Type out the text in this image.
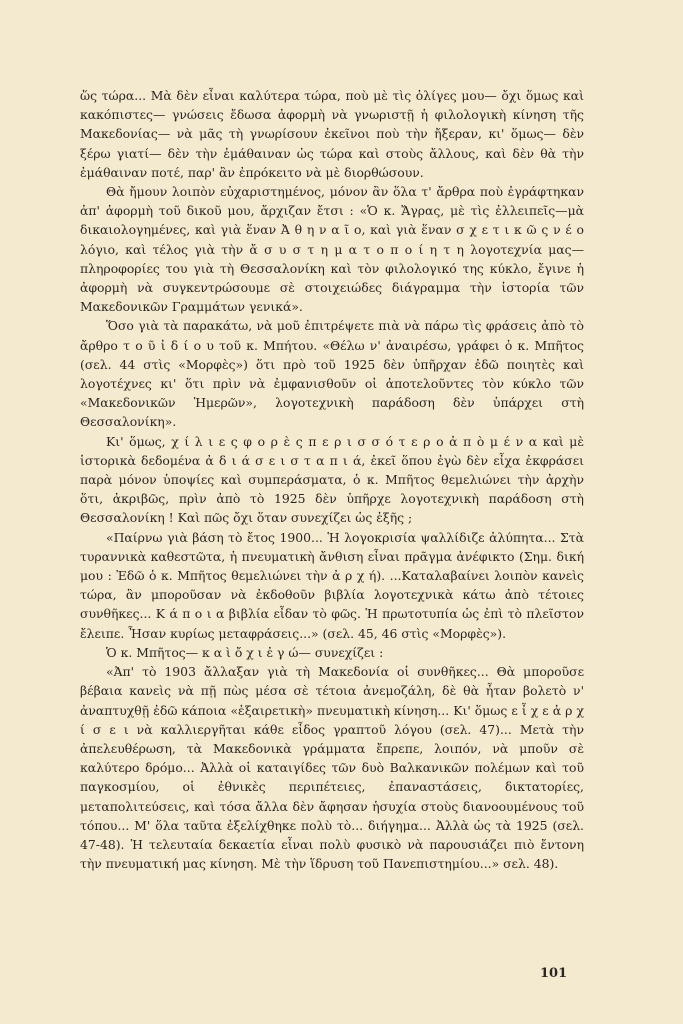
ὥς τώρα... Μὰ δὲν εἶναι καλύτερα τώρα, ποὺ μὲ τὶς ὀλίγες μου— ὄχι ὅμως καὶ κακόπιστες— γνώσεις ἔδωσα ἀφορμὴ νὰ γνωριστῇ ἡ φιλολογικὴ κίνηση τῆς Μακεδονίας— νὰ μᾶς τὴ γνωρίσουν ἐκεῖνοι ποὺ τὴν ἤξεραν, κι' ὅμως— δὲν ξέρω γιατί— δὲν τὴν ἐμάθαιναν ὡς τώρα καὶ στοὺς ἄλλους, καὶ δὲν θὰ τὴν ἐμάθαιναν ποτέ, παρ' ἂν ἐπρόκειτο νὰ μὲ διορθώσουν.

Θὰ ἤμουν λοιπὸν εὐχαριστημένος, μόνον ἂν ὅλα τ' ἄρθρα ποὺ ἐγράφτηκαν ἀπ' ἀφορμὴ τοῦ δικοῦ μου, ἄρχιζαν ἔτσι : «Ὁ κ. Ἄγρας, μὲ τὶς ἐλλειπεῖς—μὰ δικαιολογημένες, καὶ γιὰ ἕναν Ἀ θ η ν α ῖ ο, καὶ γιὰ ἕναν σ χ ε τ ι κ ῶ ς ν έ ο λόγιο, καὶ τέλος γιὰ τὴν ἄ σ υ σ τ η μ α τ ο π ο ί η τ η λογοτεχνία μας— πληροφορίες του γιὰ τὴ Θεσσαλονίκη καὶ τὸν φιλολογικό της κύκλο, ἔγινε ἡ ἀφορμὴ νὰ συγκεντρώσουμε σὲ στοιχειώδες διάγραμμα τὴν ἱστορία τῶν Μακεδονικῶν Γραμμάτων γενικά».

Ὅσο γιὰ τὰ παρακάτω, νὰ μοῦ ἐπιτρέψετε πιὰ νὰ πάρω τὶς φράσεις ἀπὸ τὸ ἄρθρο τ ο ῦ ἰ δ ί ο υ τοῦ κ. Μπήτου. «Θέλω ν' ἀναιρέσω, γράφει ὁ κ. Μπῆτος (σελ. 44 στὶς «Μορφὲς») ὅτι πρὸ τοῦ 1925 δὲν ὑπῆρχαν ἐδῶ ποιητὲς καὶ λογοτέχνες κι' ὅτι πρὶν νὰ ἐμφανισθοῦν οἱ ἀποτελοῦντες τὸν κύκλο τῶν «Μακεδονικῶν Ἡμερῶν», λογοτεχνικὴ παράδοση δὲν ὑπάρχει στὴ Θεσσαλονίκη».

Κι' ὅμως, χ ί λ ι ε ς φ ο ρ ὲ ς π ε ρ ι σ σ ό τ ε ρ ο ἀ π ὸ μ έ ν α καὶ μὲ ἱστορικὰ δεδομένα ἀ δ ι ά σ ε ι σ τ α π ι ά, ἐκεῖ ὅπου ἐγὼ δὲν εἶχα ἐκφράσει παρὰ μόνον ὑποψίες καὶ συμπεράσματα, ὁ κ. Μπῆτος θεμελιώνει τὴν ἀρχὴν ὅτι, ἀκριβῶς, πρὶν ἀπὸ τὸ 1925 δὲν ὑπῆρχε λογοτεχνικὴ παράδοση στὴ Θεσσαλονίκη ! Καὶ πῶς ὄχι ὅταν συνεχίζει ὡς ἑξῆς ;

«Παίρνω γιὰ βάση τὸ ἔτος 1900... Ἡ λογοκρισία ψαλλίδιζε ἀλύπητα... Στὰ τυραννικὰ καθεστῶτα, ἡ πνευματικὴ ἄνθιση εἶναι πρᾶγμα ἀνέφικτο (Σημ. δική μου : Ἐδῶ ὁ κ. Μπῆτος θεμελιώνει τὴν ἀ ρ χ ή). ...Καταλαβαίνει λοιπὸν κανεὶς τώρα, ἂν μποροῦσαν νὰ ἐκδοθοῦν βιβλία λογοτεχνικὰ κάτω ἀπὸ τέτοιες συνθῆκες... Κ ά π ο ι α βιβλία εἶδαν τὸ φῶς. Ἡ πρωτοτυπία ὡς ἐπὶ τὸ πλεῖστον ἔλειπε. Ἦσαν κυρίως μεταφράσεις...» (σελ. 45, 46 στὶς «Μορφὲς»).

Ὁ κ. Μπῆτος— κ α ὶ ὄ χ ι ἐ γ ώ— συνεχίζει :

«Ἀπ' τὸ 1903 ἄλλαξαν γιὰ τὴ Μακεδονία οἱ συνθῆκες... Θὰ μποροῦσε βέβαια κανεὶς νὰ πῇ πὼς μέσα σὲ τέτοια ἀνεμοζάλη, δὲ θὰ ἦταν βολετὸ ν' ἀναπτυχθῇ ἐδῶ κάποια «ἐξαιρετικὴ» πνευματικὴ κίνηση... Κι' ὅμως ε ἶ χ ε ἀ ρ χ ί σ ε ι νὰ καλλιεργῆται κάθε εἶδος γραπτοῦ λόγου (σελ. 47)... Μετὰ τὴν ἀπελευθέρωση, τὰ Μακεδονικὰ γράμματα ἔπρεπε, λοιπόν, νὰ μποῦν σὲ καλύτερο δρόμο... Ἀλλὰ οἱ καταιγίδες τῶν δυὸ Βαλκανικῶν πολέμων καὶ τοῦ παγκοσμίου, οἱ ἐθνικὲς περιπέτειες, ἐπαναστάσεις, δικτατορίες, μεταπολιτεύσεις, καὶ τόσα ἄλλα δὲν ἄφησαν ἡσυχία στοὺς διανοουμένους τοῦ τόπου... Μ' ὅλα ταῦτα ἐξελίχθηκε πολὺ τὸ... διήγημα... Ἀλλὰ ὡς τὰ 1925 (σελ. 47-48). Ἡ τελευταία δεκαετία εἶναι πολὺ φυσικὸ νὰ παρουσιάζει πιὸ ἔντονη τὴν πνευματική μας κίνηση. Μὲ τὴν ἵδρυση τοῦ Πανεπιστημίου...» σελ. 48).

101
